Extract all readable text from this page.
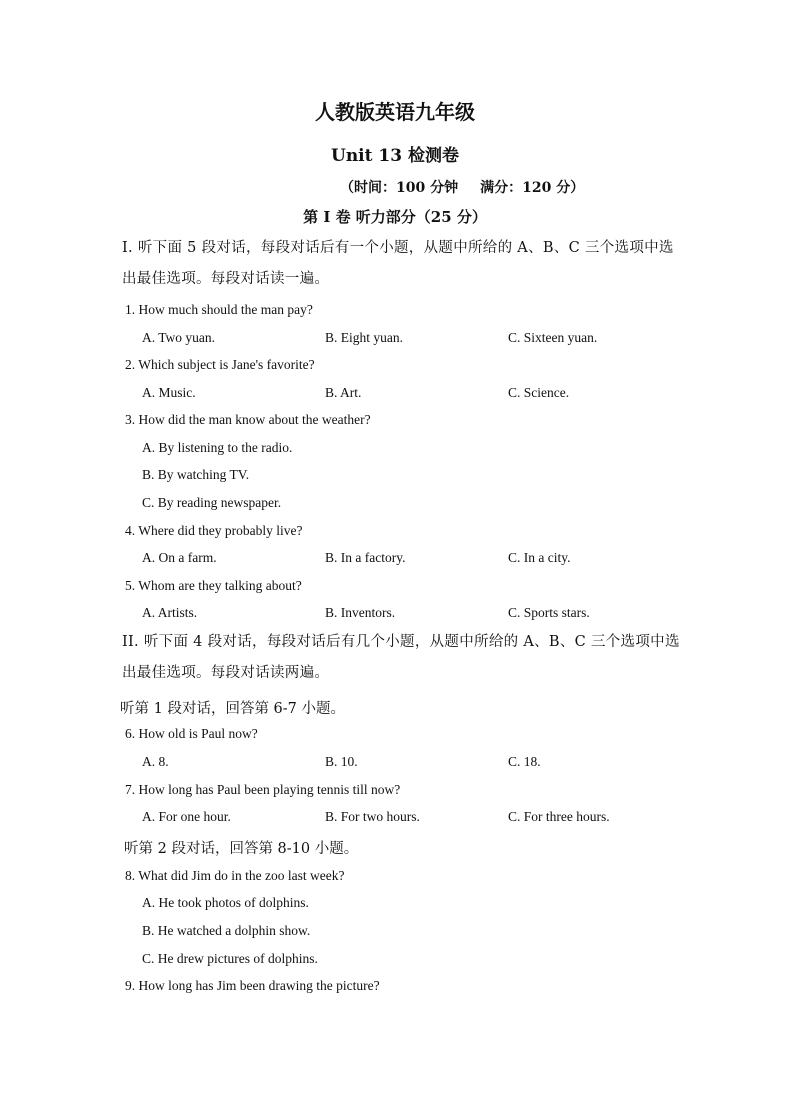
人教版英语九年级
Unit 13 检测卷
（时间：100 分钟 满分：120 分）
第 I 卷 听力部分（25 分）

I. 听下面 5 段对话，每段对话后有一个小题，从题中所给的 A、B、C 三个选项中选出最佳选项。每段对话读一遍。

1. How much should the man pay?

A. Two yuan.	B. Eight yuan.	C. Sixteen yuan.

2. Which subject is Jane's favorite?

A. Music.	B. Art.	C. Science.

3. How did the man know about the weather?

A. By listening to the radio.

B. By watching TV.

C. By reading newspaper.

4. Where did they probably live?

A. On a farm.	B. In a factory.	C. In a city.

5. Whom are they talking about?

A. Artists.	B. Inventors.	C. Sports stars.

II. 听下面 4 段对话，每段对话后有几个小题，从题中所给的 A、B、C 三个选项中选出最佳选项。每段对话读两遍。

听第 1 段对话，回答第 6-7 小题。

6. How old is Paul now?

A. 8.	B. 10.	C. 18.

7. How long has Paul been playing tennis till now?

A. For one hour.	B. For two hours.	C. For three hours.

听第 2 段对话，回答第 8-10 小题。

8. What did Jim do in the zoo last week?

A. He took photos of dolphins.

B. He watched a dolphin show.

C. He drew pictures of dolphins.

9. How long has Jim been drawing the picture?
